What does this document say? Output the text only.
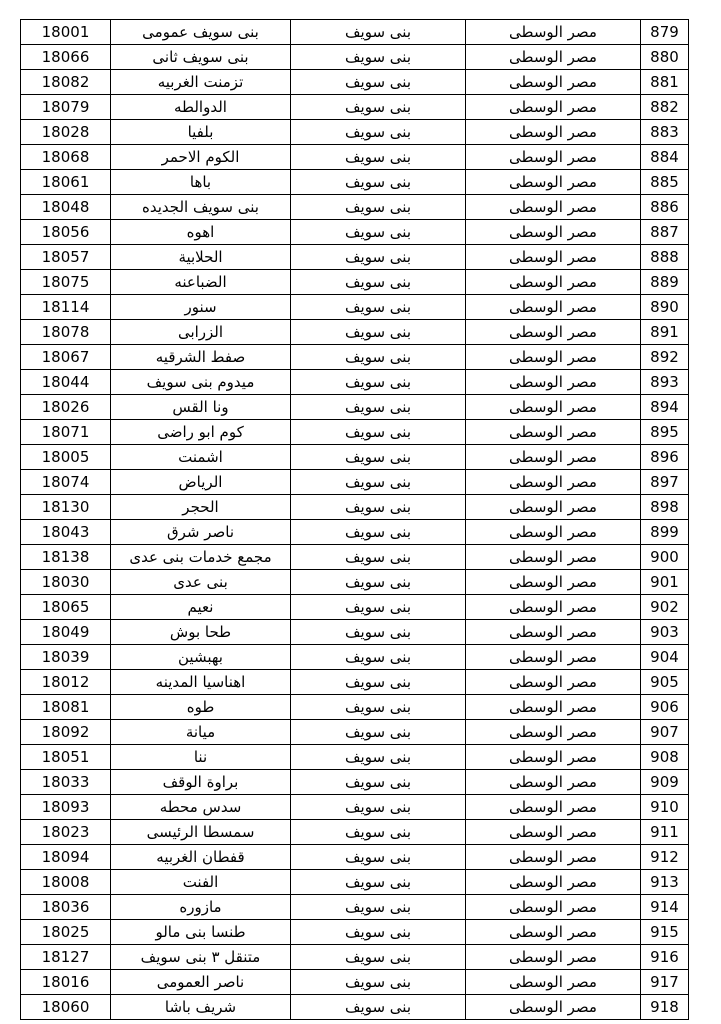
18001	بنى سويف عمومى	بنى سويف	مصر الوسطى	879
18066	بنى سويف ثانى	بنى سويف	مصر الوسطى	880
18082	تزمنت الغربيه	بنى سويف	مصر الوسطى	881
18079	الدوالطه	بنى سويف	مصر الوسطى	882
18028	بلفيا	بنى سويف	مصر الوسطى	883
18068	الكوم الاحمر	بنى سويف	مصر الوسطى	884
18061	باها	بنى سويف	مصر الوسطى	885
18048	بنى سويف الجديده	بنى سويف	مصر الوسطى	886
18056	اهوه	بنى سويف	مصر الوسطى	887
18057	الحلابية	بنى سويف	مصر الوسطى	888
18075	الضباعنه	بنى سويف	مصر الوسطى	889
18114	سنور	بنى سويف	مصر الوسطى	890
18078	الزرابى	بنى سويف	مصر الوسطى	891
18067	صفط الشرقيه	بنى سويف	مصر الوسطى	892
18044	ميدوم بنى سويف	بنى سويف	مصر الوسطى	893
18026	ونا القس	بنى سويف	مصر الوسطى	894
18071	كوم ابو راضى	بنى سويف	مصر الوسطى	895
18005	اشمنت	بنى سويف	مصر الوسطى	896
18074	الرياض	بنى سويف	مصر الوسطى	897
18130	الحجر	بنى سويف	مصر الوسطى	898
18043	ناصر شرق	بنى سويف	مصر الوسطى	899
18138	مجمع خدمات بنى عدى	بنى سويف	مصر الوسطى	900
18030	بنى عدى	بنى سويف	مصر الوسطى	901
18065	نعيم	بنى سويف	مصر الوسطى	902
18049	طحا بوش	بنى سويف	مصر الوسطى	903
18039	بهبشين	بنى سويف	مصر الوسطى	904
18012	اهناسيا المدينه	بنى سويف	مصر الوسطى	905
18081	طوه	بنى سويف	مصر الوسطى	906
18092	ميانة	بنى سويف	مصر الوسطى	907
18051	ننا	بنى سويف	مصر الوسطى	908
18033	براوة الوقف	بنى سويف	مصر الوسطى	909
18093	سدس محطه	بنى سويف	مصر الوسطى	910
18023	سمسطا الرئيسى	بنى سويف	مصر الوسطى	911
18094	قفطان الغربيه	بنى سويف	مصر الوسطى	912
18008	الفنت	بنى سويف	مصر الوسطى	913
18036	مازوره	بنى سويف	مصر الوسطى	914
18025	طنسا بنى مالو	بنى سويف	مصر الوسطى	915
18127	متنقل ٣ بنى سويف	بنى سويف	مصر الوسطى	916
18016	ناصر العمومى	بنى سويف	مصر الوسطى	917
18060	شريف باشا	بنى سويف	مصر الوسطى	918
